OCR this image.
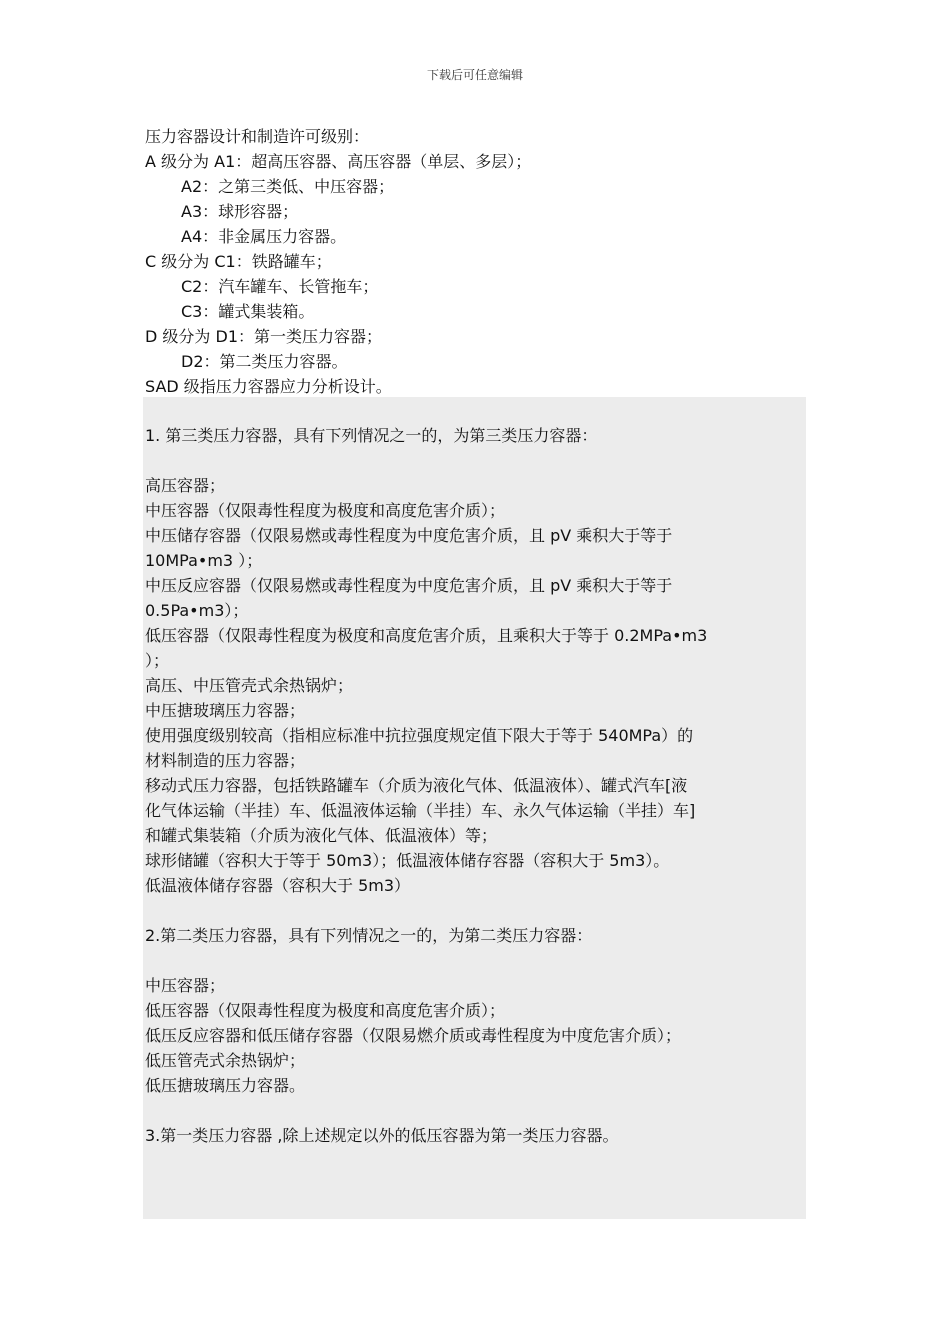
下载后可任意编辑
压力容器设计和制造许可级别：
A 级分为 A1：超高压容器、高压容器（单层、多层）；
A2：之第三类低、中压容器；
A3：球形容器；
A4：非金属压力容器。
C 级分为 C1：铁路罐车；
C2：汽车罐车、长管拖车；
C3：罐式集装箱。
D 级分为 D1：第一类压力容器；
D2：第二类压力容器。
SAD 级指压力容器应力分析设计。
1. 第三类压力容器，具有下列情况之一的，为第三类压力容器：
高压容器；
中压容器（仅限毒性程度为极度和高度危害介质）；
中压储存容器（仅限易燃或毒性程度为中度危害介质，且 pV 乘积大于等于
10MPa•m3 ）；
中压反应容器（仅限易燃或毒性程度为中度危害介质，且 pV 乘积大于等于
0.5Pa•m3）；
低压容器（仅限毒性程度为极度和高度危害介质，且乘积大于等于 0.2MPa•m3
）；
高压、中压管壳式余热锅炉；
中压搪玻璃压力容器；
使用强度级别较高（指相应标准中抗拉强度规定值下限大于等于 540MPa）的
材料制造的压力容器；
移动式压力容器，包括铁路罐车（介质为液化气体、低温液体）、罐式汽车[液
化气体运输（半挂）车、低温液体运输（半挂）车、永久气体运输（半挂）车]
和罐式集装箱（介质为液化气体、低温液体）等；
球形储罐（容积大于等于 50m3）；低温液体储存容器（容积大于 5m3）。
低温液体储存容器（容积大于 5m3）
2.第二类压力容器，具有下列情况之一的，为第二类压力容器：
中压容器；
低压容器（仅限毒性程度为极度和高度危害介质）；
低压反应容器和低压储存容器（仅限易燃介质或毒性程度为中度危害介质）；
低压管壳式余热锅炉；
低压搪玻璃压力容器。
3.第一类压力容器 ,除上述规定以外的低压容器为第一类压力容器。
